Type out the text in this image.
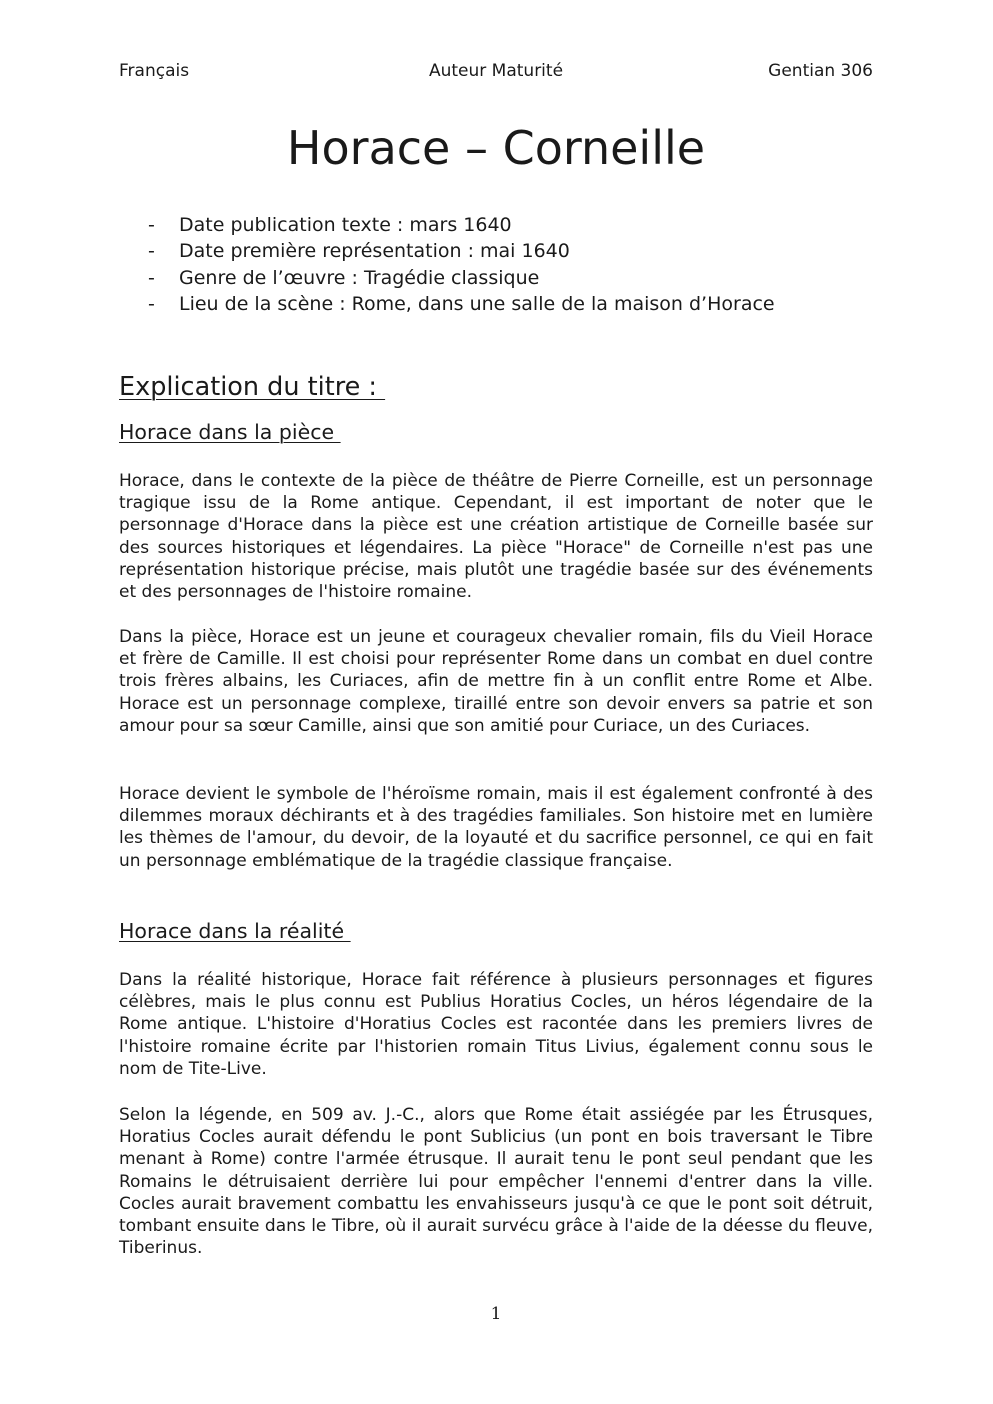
Français	Auteur Maturité	Gentian 306
Horace – Corneille
- Date publication texte : mars 1640
- Date première représentation : mai 1640
- Genre de l’œuvre : Tragédie classique
- Lieu de la scène : Rome, dans une salle de la maison d’Horace
Explication du titre :
Horace dans la pièce

Horace, dans le contexte de la pièce de théâtre de Pierre Corneille, est un personnage tragique issu de la Rome antique. Cependant, il est important de noter que le personnage d'Horace dans la pièce est une création artistique de Corneille basée sur des sources historiques et légendaires. La pièce "Horace" de Corneille n'est pas une représentation historique précise, mais plutôt une tragédie basée sur des événements et des personnages de l'histoire romaine.

Dans la pièce, Horace est un jeune et courageux chevalier romain, fils du Vieil Horace et frère de Camille. Il est choisi pour représenter Rome dans un combat en duel contre trois frères albains, les Curiaces, afin de mettre fin à un conflit entre Rome et Albe. Horace est un personnage complexe, tiraillé entre son devoir envers sa patrie et son amour pour sa sœur Camille, ainsi que son amitié pour Curiace, un des Curiaces.

Horace devient le symbole de l'héroïsme romain, mais il est également confronté à des dilemmes moraux déchirants et à des tragédies familiales. Son histoire met en lumière les thèmes de l'amour, du devoir, de la loyauté et du sacrifice personnel, ce qui en fait un personnage emblématique de la tragédie classique française.

Horace dans la réalité

Dans la réalité historique, Horace fait référence à plusieurs personnages et figures célèbres, mais le plus connu est Publius Horatius Cocles, un héros légendaire de la Rome antique. L'histoire d'Horatius Cocles est racontée dans les premiers livres de l'histoire romaine écrite par l'historien romain Titus Livius, également connu sous le nom de Tite-Live.

Selon la légende, en 509 av. J.-C., alors que Rome était assiégée par les Étrusques, Horatius Cocles aurait défendu le pont Sublicius (un pont en bois traversant le Tibre menant à Rome) contre l'armée étrusque. Il aurait tenu le pont seul pendant que les Romains le détruisaient derrière lui pour empêcher l'ennemi d'entrer dans la ville. Cocles aurait bravement combattu les envahisseurs jusqu'à ce que le pont soit détruit, tombant ensuite dans le Tibre, où il aurait survécu grâce à l'aide de la déesse du fleuve, Tiberinus.

1
